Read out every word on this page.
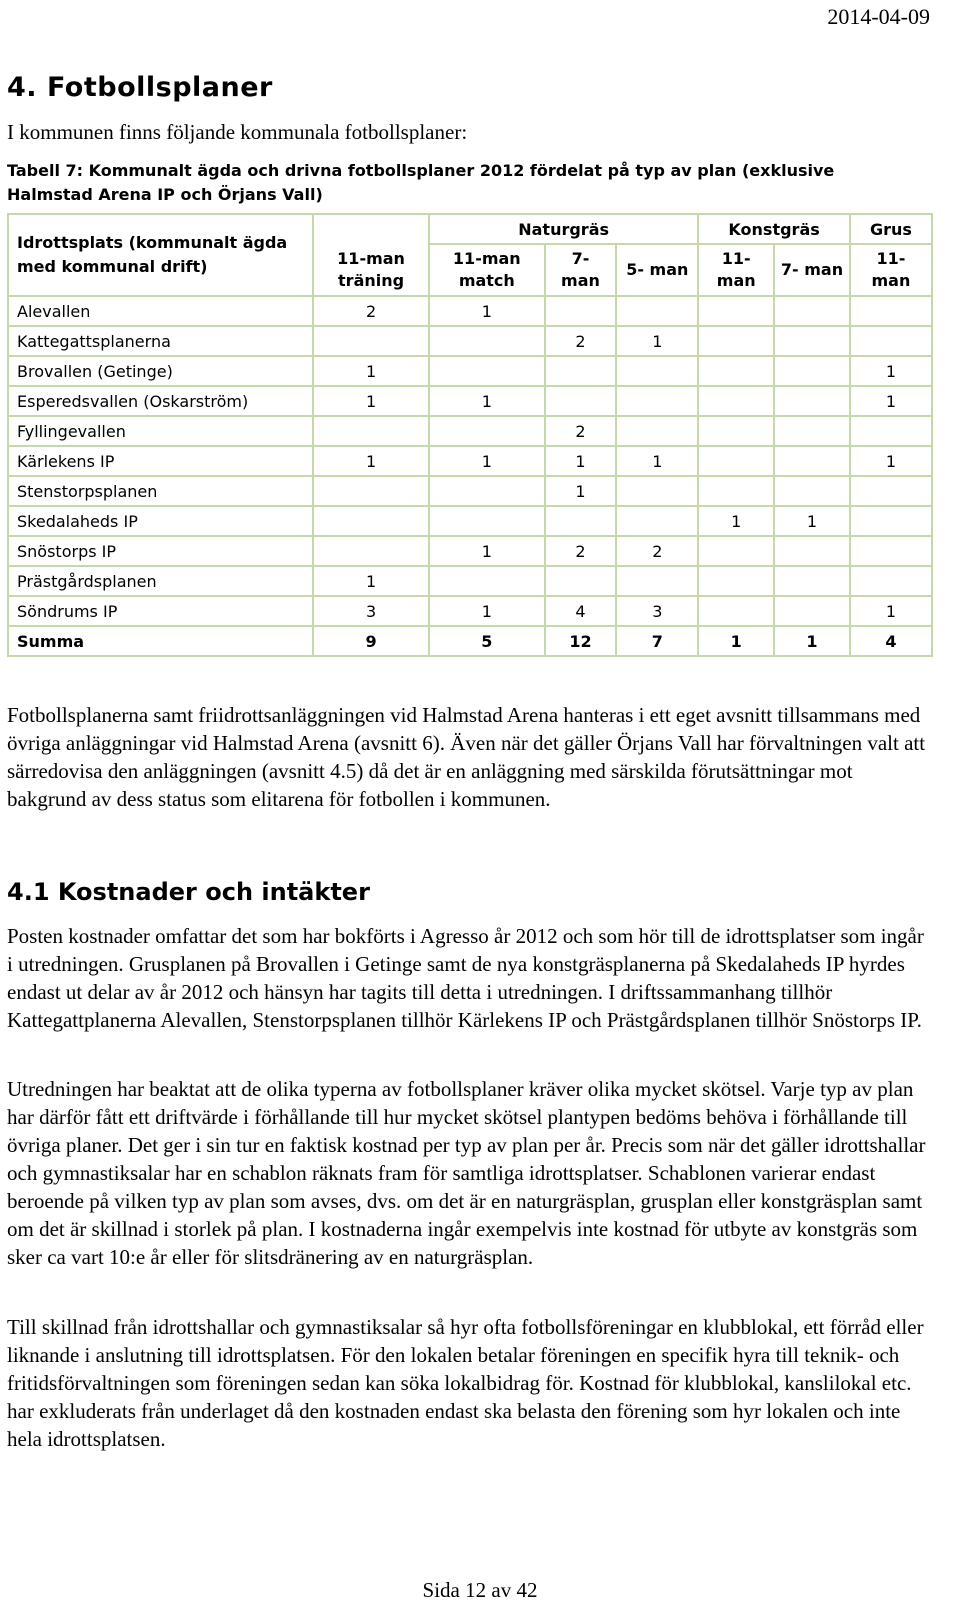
2014-04-09
4. Fotbollsplaner

I kommunen finns följande kommunala fotbollsplaner:

Tabell 7: Kommunalt ägda och drivna fotbollsplaner 2012 fördelat på typ av plan (exklusive Halmstad Arena IP och Örjans Vall)

Idrottsplats (kommunalt ägda med kommunal drift)		Naturgräs			Konstgräs		Grus
	11-man träning	11-man match	7- man	5- man	11- man	7- man	11- man
Alevallen	2	1					
Kattegattsplanerna			2	1			
Brovallen (Getinge)	1						1
Esperedsvallen (Oskarström)	1	1					1
Fyllingevallen			2				
Kärlekens IP	1	1	1	1			1
Stenstorpsplanen			1				
Skedalaheds IP					1	1	
Snöstorps IP		1	2	2			
Prästgårdsplanen	1						
Söndrums IP	3	1	4	3			1
Summa	9	5	12	7	1	1	4

Fotbollsplanerna samt friidrottsanläggningen vid Halmstad Arena hanteras i ett eget avsnitt tillsammans med övriga anläggningar vid Halmstad Arena (avsnitt 6). Även när det gäller Örjans Vall har förvaltningen valt att särredovisa den anläggningen (avsnitt 4.5) då det är en anläggning med särskilda förutsättningar mot bakgrund av dess status som elitarena för fotbollen i kommunen.

4.1 Kostnader och intäkter

Posten kostnader omfattar det som har bokförts i Agresso år 2012 och som hör till de idrottsplatser som ingår i utredningen. Grusplanen på Brovallen i Getinge samt de nya konstgräsplanerna på Skedalaheds IP hyrdes endast ut delar av år 2012 och hänsyn har tagits till detta i utredningen. I driftssammanhang tillhör Kattegattplanerna Alevallen, Stenstorpsplanen tillhör Kärlekens IP och Prästgårdsplanen tillhör Snöstorps IP.

Utredningen har beaktat att de olika typerna av fotbollsplaner kräver olika mycket skötsel. Varje typ av plan har därför fått ett driftvärde i förhållande till hur mycket skötsel plantypen bedöms behöva i förhållande till övriga planer. Det ger i sin tur en faktisk kostnad per typ av plan per år. Precis som när det gäller idrottshallar och gymnastiksalar har en schablon räknats fram för samtliga idrottsplatser. Schablonen varierar endast beroende på vilken typ av plan som avses, dvs. om det är en naturgräsplan, grusplan eller konstgräsplan samt om det är skillnad i storlek på plan. I kostnaderna ingår exempelvis inte kostnad för utbyte av konstgräs som sker ca vart 10:e år eller för slitsdränering av en naturgräsplan.

Till skillnad från idrottshallar och gymnastiksalar så hyr ofta fotbollsföreningar en klubblokal, ett förråd eller liknande i anslutning till idrottsplatsen. För den lokalen betalar föreningen en specifik hyra till teknik- och fritidsförvaltningen som föreningen sedan kan söka lokalbidrag för. Kostnad för klubblokal, kanslilokal etc. har exkluderats från underlaget då den kostnaden endast ska belasta den förening som hyr lokalen och inte hela idrottsplatsen.

Sida 12 av 42
